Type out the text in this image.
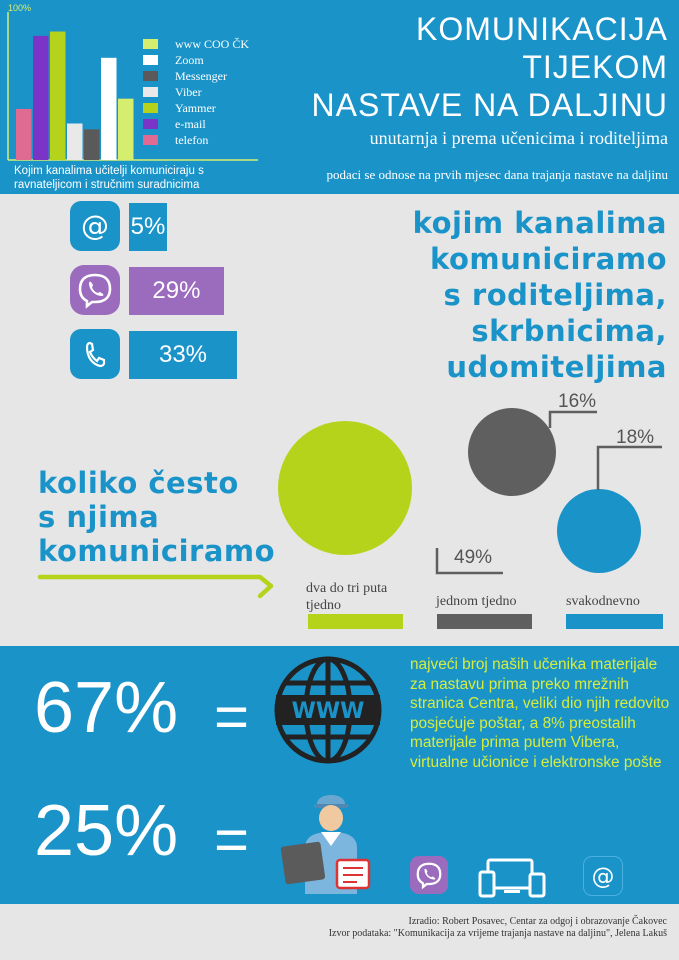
100%
www COO ČK
Zoom
Messenger
Viber
Yammer
e-mail
telefon
Kojim kanalima učitelji komuniciraju s
ravnateljicom i stručnim suradnicima
KOMUNIKACIJA
TIJEKOM
NASTAVE NA DALJINU
unutarnja i prema učenicima i roditeljima
podaci se odnose na prvih mjesec dana trajanja nastave na daljinu
@ 5%
29%
33%
kojim kanalima
komuniciramo
s roditeljima,
skrbnicima,
udomiteljima
16%
18%
49%
koliko često
s njima
komuniciramo
dva do tri puta tjedno	jednom tjedno	svakodnevno
67% = WWW
25% =
najveći broj naših učenika materijale za nastavu prima preko mrežnih stranica Centra, veliki dio njih redovito posjećuje poštar, a 8% preostalih materijale prima putem Vibera, virtualne učionice i elektronske pošte
@
Izradio: Robert Posavec, Centar za odgoj i obrazovanje Čakovec
Izvor podataka: "Komunikacija za vrijeme trajanja nastave na daljinu", Jelena Lakuš
